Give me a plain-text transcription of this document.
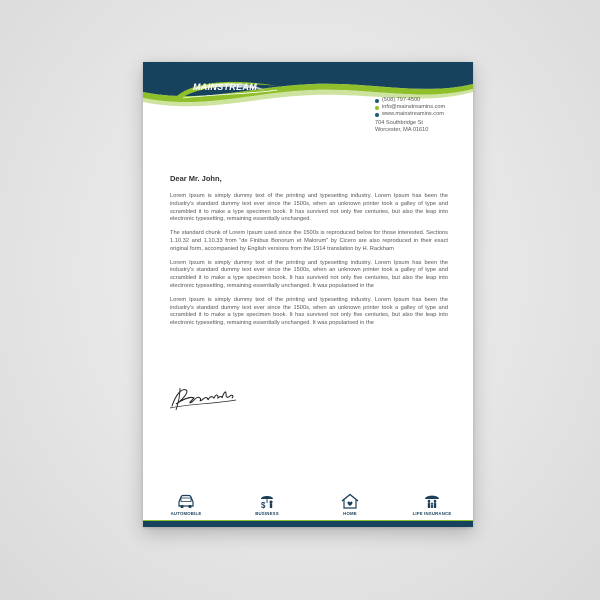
MAINSTREAM
(508) 797-4500
info@mainstreamins.com
www.mainstreamins.com
704 Southbridge St
Worcester, MA 01610
Dear Mr. John,

Lorem Ipsum is simply dummy text of the printing and typesetting industry. Lorem Ipsum has been the industry's standard dummy text ever since the 1500s, when an unknown printer took a galley of type and scrambled it to make a type specimen book. It has survived not only five centuries, but also the leap into electronic typesetting, remaining essentially unchanged.

The standard chunk of Lorem Ipsum used since the 1500s is reproduced below for those interested. Sections 1.10.32 and 1.10.33 from "de Finibus Bonorum et Malorum" by Cicero are also reproduced in their exact original form, accompanied by English versions from the 1914 translation by H. Rackham

Lorem Ipsum is simply dummy text of the printing and typesetting industry. Lorem Ipsum has been the industry's standard dummy text ever since the 1500s, when an unknown printer took a galley of type and scrambled it to make a type specimen book. It has survived not only five centuries, but also the leap into electronic typesetting, remaining essentially unchanged. It was popularised in the

Lorem Ipsum is simply dummy text of the printing and typesetting industry. Lorem Ipsum has been the industry's standard dummy text ever since the 1500s, when an unknown printer took a galley of type and scrambled it to make a type specimen book. It has survived not only five centuries, but also the leap into electronic typesetting, remaining essentially unchanged. It was popularised in the

AUTOMOBILE
$
BUSINESS	HOME	LIFE INSURANCE
